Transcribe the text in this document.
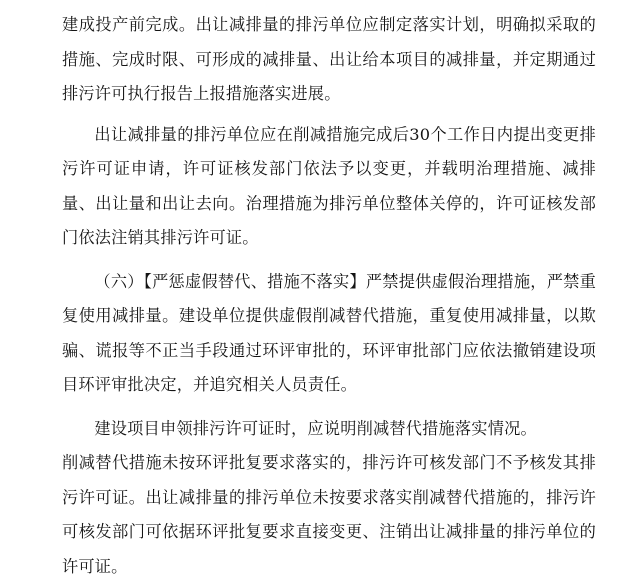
建成投产前完成。出让减排量的排污单位应制定落实计划，明确拟采取的措施、完成时限、可形成的减排量、出让给本项目的减排量，并定期通过排污许可执行报告上报措施落实进展。

出让减排量的排污单位应在削减措施完成后30个工作日内提出变更排污许可证申请，许可证核发部门依法予以变更，并载明治理措施、减排量、出让量和出让去向。治理措施为排污单位整体关停的，许可证核发部门依法注销其排污许可证。

（六）【严惩虚假替代、措施不落实】严禁提供虚假治理措施，严禁重复使用减排量。建设单位提供虚假削减替代措施，重复使用减排量，以欺骗、谎报等不正当手段通过环评审批的，环评审批部门应依法撤销建设项目环评审批决定，并追究相关人员责任。

建设项目申领排污许可证时，应说明削减替代措施落实情况。

削减替代措施未按环评批复要求落实的，排污许可核发部门不予核发其排污许可证。出让减排量的排污单位未按要求落实削减替代措施的，排污许可核发部门可依据环评批复要求直接变更、注销出让减排量的排污单位的许可证。
